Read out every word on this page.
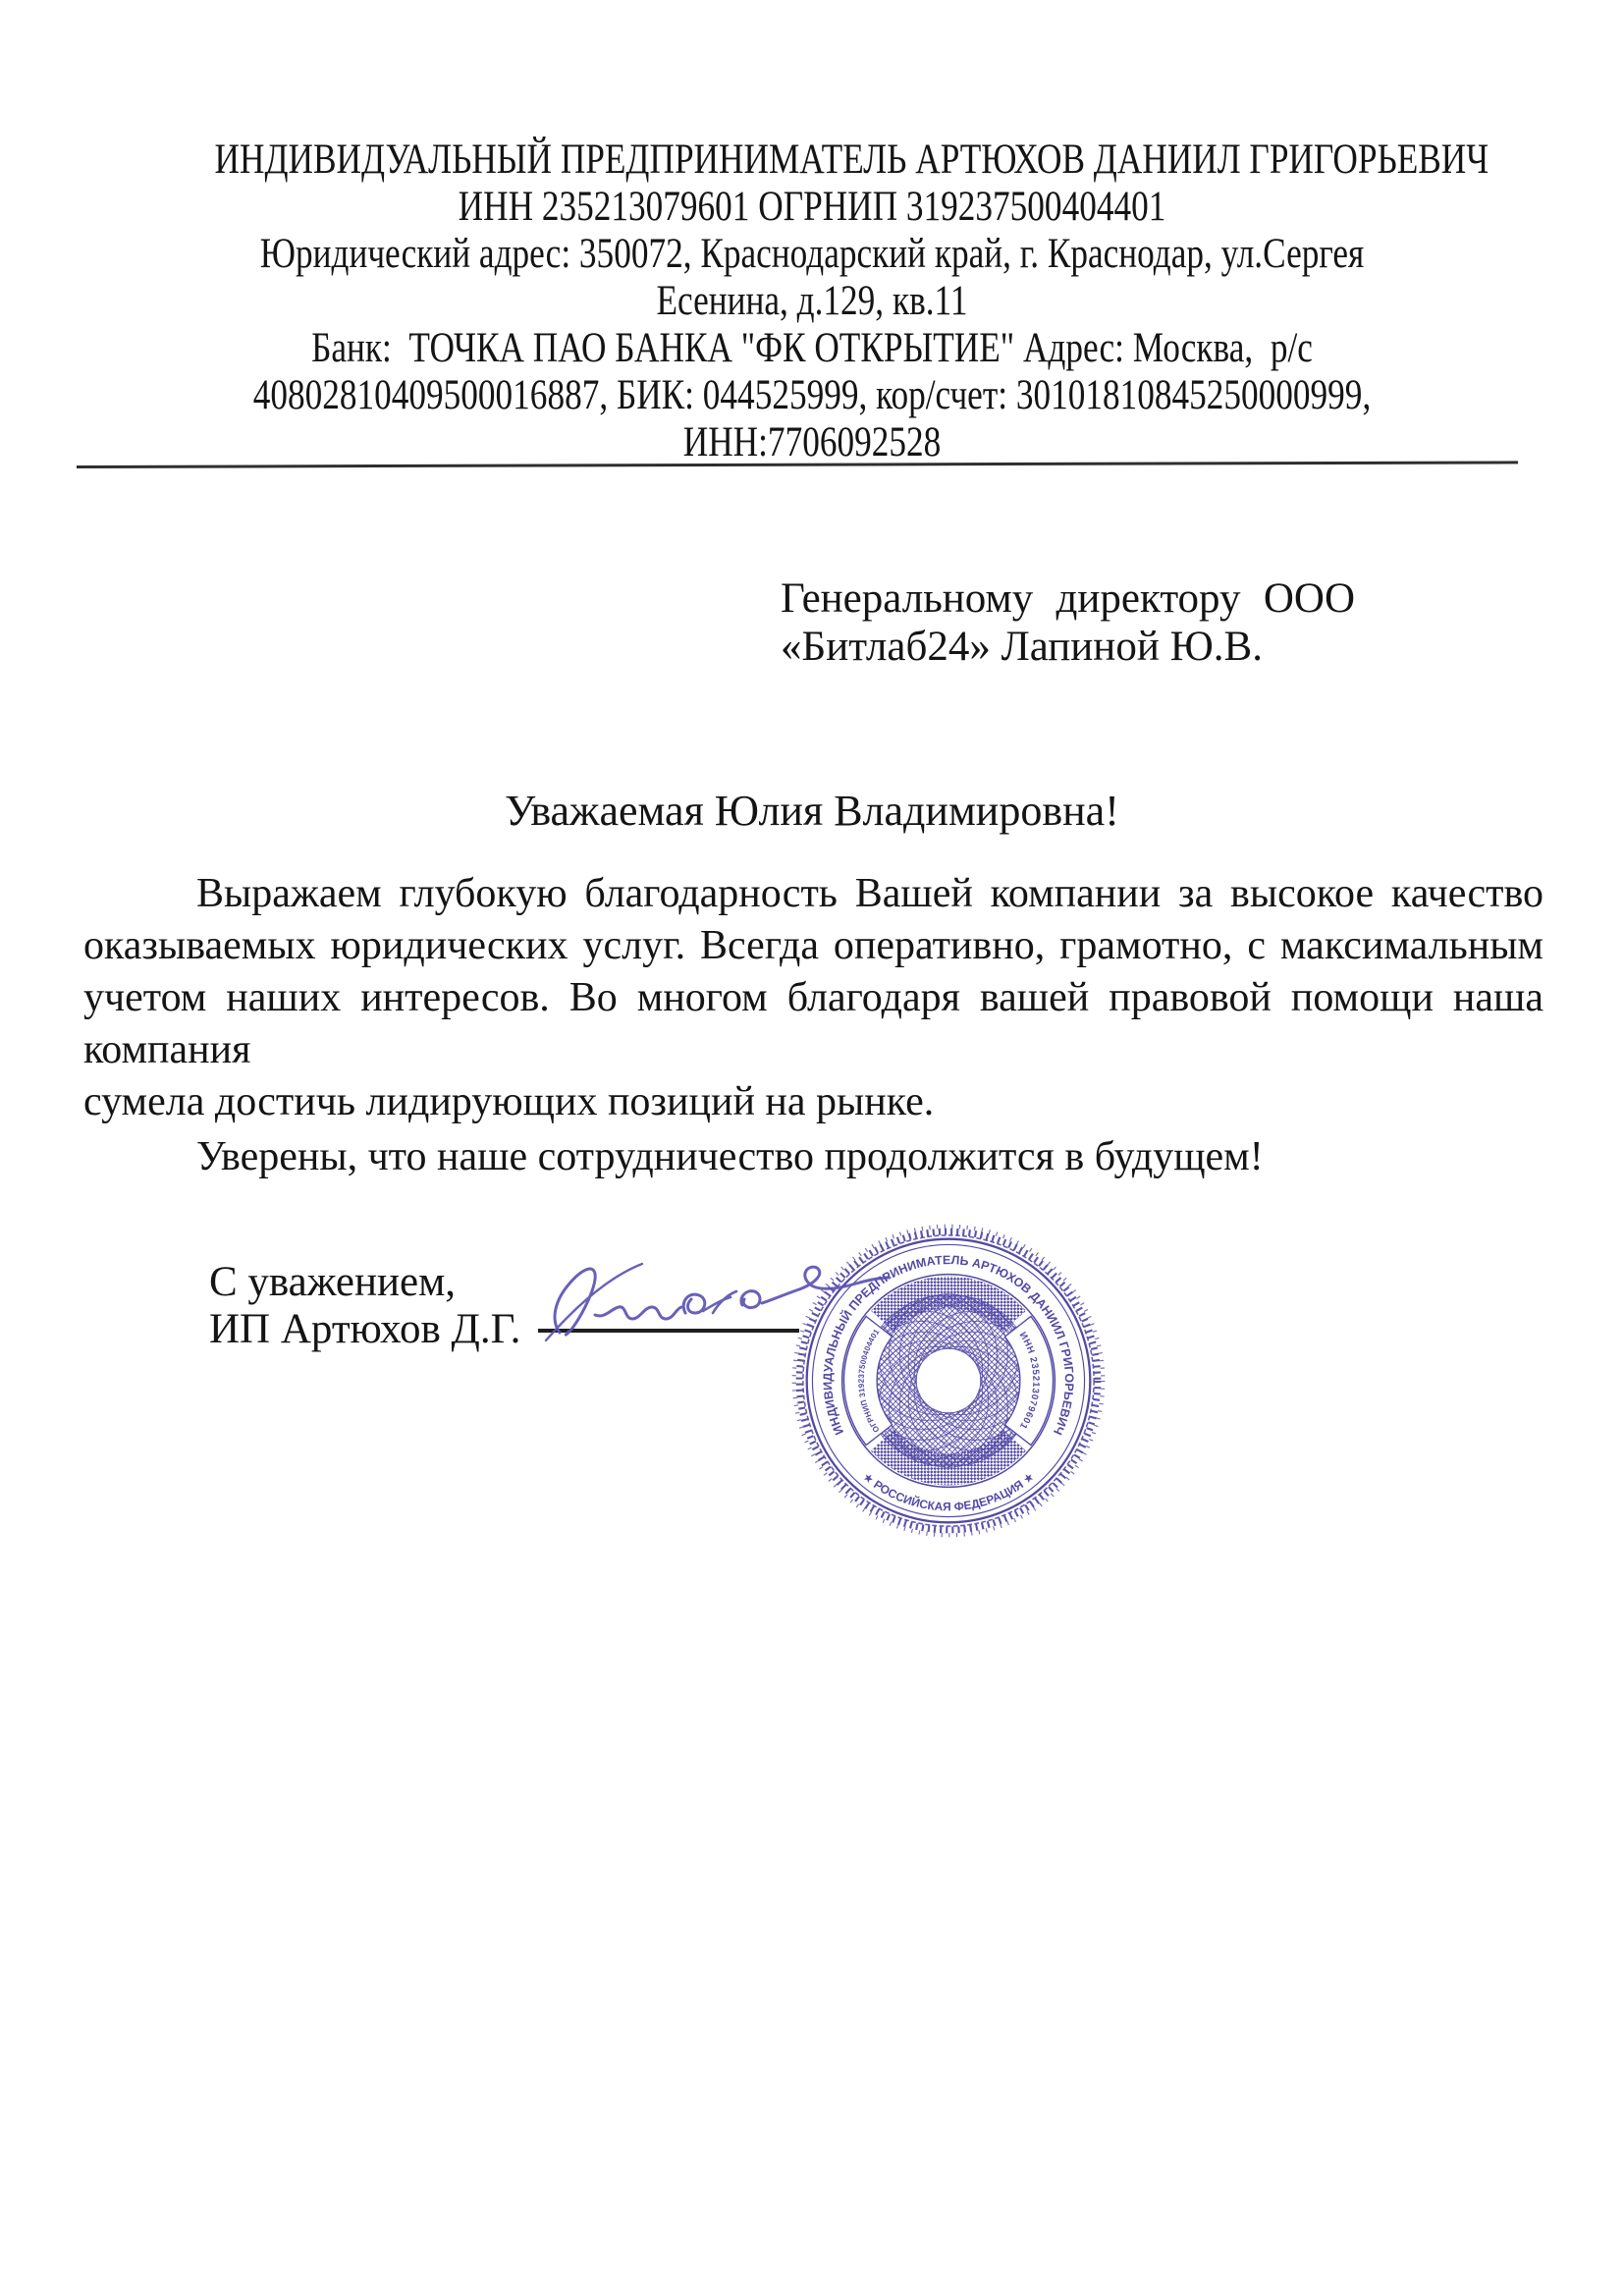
ИНДИВИДУАЛЬНЫЙ ПРЕДПРИНИМАТЕЛЬ АРТЮХОВ ДАНИИЛ ГРИГОРЬЕВИЧ
ИНН 235213079601 ОГРНИП 319237500404401
Юридический адрес: 350072, Краснодарский край, г. Краснодар, ул.Сергея
Есенина, д.129, кв.11
Банк:  ТОЧКА ПАО БАНКА "ФК ОТКРЫТИЕ" Адрес: Москва,  р/с
40802810409500016887, БИК: 044525999, кор/счет: 30101810845250000999,
ИНН:7706092528
Генеральному директору ООО
«Битлаб24» Лапиной Ю.В.
Уважаемая Юлия Владимировна!
Выражаем глубокую благодарность Вашей компании за высокое качество
оказываемых юридических услуг. Всегда оперативно, грамотно, с максимальным
учетом наших интересов. Во многом благодаря вашей правовой помощи наша компания
сумела достичь лидирующих позиций на рынке.
Уверены, что наше сотрудничество продолжится в будущем!
С уважением,
ИП Артюхов Д.Г.
ОГРНИП 319237500404401	ИНН 235213079601
ИНДИВИДУАЛЬНЫЙ ПРЕДПРИНИМАТЕЛЬ АРТЮХОВ ДАНИИЛ ГРИГОРЬЕВИЧ
★ РОССИЙСКАЯ ФЕДЕРАЦИЯ ★
